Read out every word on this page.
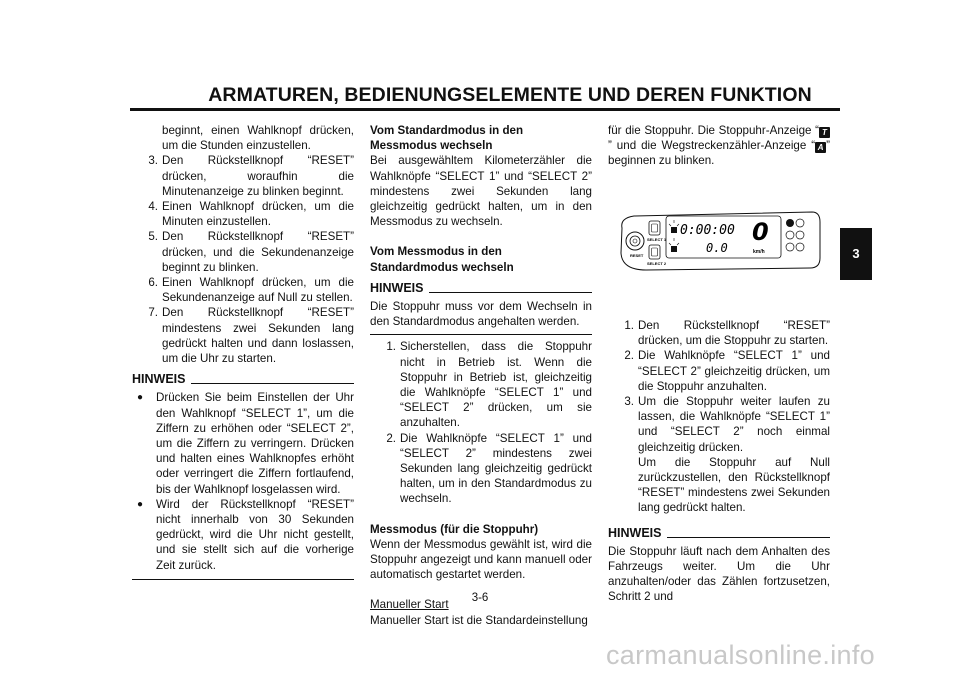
ARMATUREN, BEDIENUNGSELEMENTE UND DEREN FUNKTION
beginnt, einen Wahlknopf drücken, um die Stunden einzustellen.
3. Den Rückstellknopf “RESET” drücken, woraufhin die Minutenanzeige zu blinken beginnt.
4. Einen Wahlknopf drücken, um die Minuten einzustellen.
5. Den Rückstellknopf “RESET” drücken, und die Sekundenanzeige beginnt zu blinken.
6. Einen Wahlknopf drücken, um die Sekundenanzeige auf Null zu stellen.
7. Den Rückstellknopf “RESET” mindestens zwei Sekunden lang gedrückt halten und dann loslassen, um die Uhr zu starten.
HINWEIS
●	Drücken Sie beim Einstellen der Uhr den Wahlknopf “SELECT 1”, um die Ziffern zu erhöhen oder “SELECT 2”, um die Ziffern zu verringern. Drücken und halten eines Wahlknopfes erhöht oder verringert die Ziffern fortlaufend, bis der Wahlknopf losgelassen wird.
●	Wird der Rückstellknopf “RESET” nicht innerhalb von 30 Sekunden gedrückt, wird die Uhr nicht gestellt, und sie stellt sich auf die vorherige Zeit zurück.
Vom Standardmodus in den Messmodus wechseln
Bei ausgewähltem Kilometerzähler die Wahlknöpfe “SELECT 1” und “SELECT 2” mindestens zwei Sekunden lang gleichzeitig gedrückt halten, um in den Messmodus zu wechseln.
Vom Messmodus in den Standardmodus wechseln
HINWEIS
Die Stoppuhr muss vor dem Wechseln in den Standardmodus angehalten werden.
1. Sicherstellen, dass die Stoppuhr nicht in Betrieb ist. Wenn die Stoppuhr in Betrieb ist, gleichzeitig die Wahlknöpfe “SELECT 1” und “SELECT 2” drücken, um sie anzuhalten.
2. Die Wahlknöpfe “SELECT 1” und “SELECT 2” mindestens zwei Sekunden lang gleichzeitig gedrückt halten, um in den Standardmodus zu wechseln.
Messmodus (für die Stoppuhr)
Wenn der Messmodus gewählt ist, wird die Stoppuhr angezeigt und kann manuell oder automatisch gestartet werden.
Manueller Start
Manueller Start ist die Standardeinstellung
für die Stoppuhr. Die Stoppuhr-Anzeige “ T” und die Wegstreckenzähler-Anzeige “ A ” beginnen zu blinken.
RESET
SELECT 1
SELECT 2
0:00:00
0.0
0
km/h
1. Den Rückstellknopf “RESET” drücken, um die Stoppuhr zu starten.
2. Die Wahlknöpfe “SELECT 1” und “SELECT 2” gleichzeitig drücken, um die Stoppuhr anzuhalten.
3. Um die Stoppuhr weiter laufen zu lassen, die Wahlknöpfe “SELECT 1” und “SELECT 2” noch einmal gleichzeitig drücken.
Um die Stoppuhr auf Null zurückzustellen, den Rückstellknopf “RESET” mindestens zwei Sekunden lang gedrückt halten.
HINWEIS
Die Stoppuhr läuft nach dem Anhalten des Fahrzeugs weiter. Um die Uhr anzuhalten/oder das Zählen fortzusetzen, Schritt 2 und
3
3-6
carmanualsonline.info
